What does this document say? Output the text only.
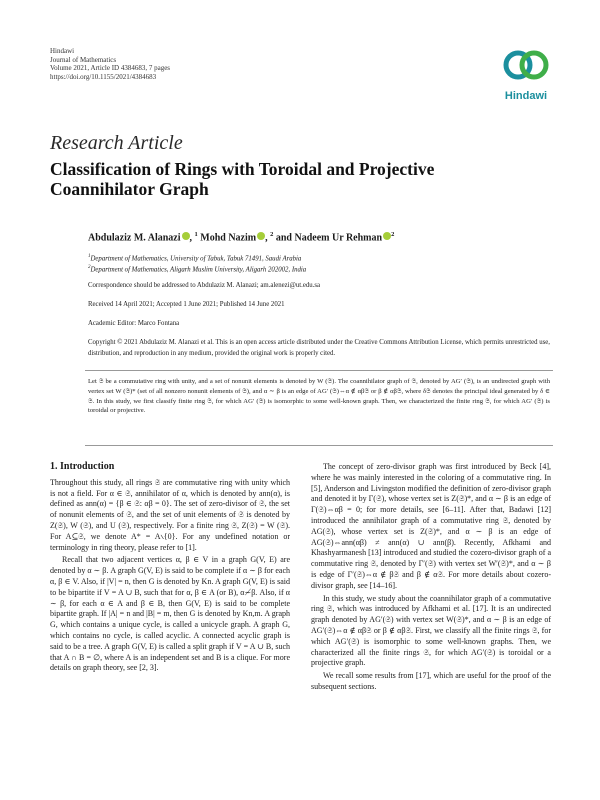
Hindawi
Journal of Mathematics
Volume 2021, Article ID 4384683, 7 pages
https://doi.org/10.1155/2021/4384683
Hindawi
Research Article
Classification of Rings with Toroidal and Projective Coannihilator Graph
Abdulaziz M. Alanazi , $^1$ Mohd Nazim , $^2$ and Nadeem Ur Rehman $^2$
$^1$Department of Mathematics, University of Tabuk, Tabuk 71491, Saudi Arabia
$^2$Department of Mathematics, Aligarh Muslim University, Aligarh 202002, India
Correspondence should be addressed to Abdulaziz M. Alanazi; am.alenezi@ut.edu.sa
Received 14 April 2021; Accepted 1 June 2021; Published 14 June 2021
Academic Editor: Marco Fontana
Copyright © 2021 Abdulaziz M. Alanazi et al. This is an open access article distributed under the Creative Commons Attribution License, which permits unrestricted use, distribution, and reproduction in any medium, provided the original work is properly cited.
Let 𝔖 be a commutative ring with unity, and a set of nonunit elements is denoted by W (𝔖). The coannihilator graph of 𝔖, denoted by AG′ (𝔖), is an undirected graph with vertex set W (𝔖)* (set of all nonzero nonunit elements of 𝔖), and α ∼ β is an edge of AG′ (𝔖)⇔α ∉ αβ𝔖 or β ∉ αβ𝔖, where δ𝔖 denotes the principal ideal generated by δ ∈ 𝔖. In this study, we first classify finite ring 𝔖, for which AG′ (𝔖) is isomorphic to some well-known graph. Then, we characterized the finite ring 𝔖, for which AG′ (𝔖) is toroidal or projective.
1. Introduction

Throughout this study, all rings 𝔖 are commutative ring with unity which is not a field. For α ∈ 𝔖, annihilator of α, which is denoted by ann(α), is defined as ann(α) = {β ∈ 𝔖: αβ = 0}. The set of zero-divisor of 𝔖, the set of nonunit elements of 𝔖, and the set of unit elements of 𝔖 is denoted by Z(𝔖), W (𝔖), and U (𝔖), respectively. For a finite ring 𝔖, Z(𝔖) = W (𝔖). For A⊆𝔖, we denote A* = A∖{0}. For any undefined notation or terminology in ring theory, please refer to [1].

Recall that two adjacent vertices α, β ∈ V in a graph G(V, E) are denoted by α ∼ β. A graph G(V, E) is said to be complete if α ∼ β for each α, β ∈ V. Also, if |V| = n, then G is denoted by Kn. A graph G(V, E) is said to be bipartite if V = A ∪ B, such that for α, β ∈ A (or B), α≁β. Also, if α ∼ β, for each α ∈ A and β ∈ B, then G(V, E) is said to be complete bipartite graph. If |A| = n and |B| = m, then G is denoted by Kn,m. A graph G, which contains a unique cycle, is called a unicycle graph. A graph G, which contains no cycle, is called acyclic. A connected acyclic graph is said to be a tree. A graph G(V, E) is called a split graph if V = A ∪ B, such that A ∩ B = ∅, where A is an independent set and B is a clique. For more details on graph theory, see [2, 3].

The concept of zero-divisor graph was first introduced by Beck [4], where he was mainly interested in the coloring of a commutative ring. In [5], Anderson and Livingston modified the definition of zero-divisor graph and denoted it by Γ(𝔖), whose vertex set is Z(𝔖)*, and α ∼ β is an edge of Γ(𝔖)⇔αβ = 0; for more details, see [6–11]. After that, Badawi [12] introduced the annihilator graph of a commutative ring 𝔖, denoted by AG(𝔖), whose vertex set is Z(𝔖)*, and α ∼ β is an edge of AG(𝔖)⇔ann(αβ) ≠ ann(α) ∪ ann(β). Recently, Afkhami and Khashyarmanesh [13] introduced and studied the cozero-divisor graph of a commutative ring 𝔖, denoted by Γ′(𝔖) with vertex set W′(𝔖)*, and α ∼ β is edge of Γ′(𝔖)⇔α ∉ β𝔖 and β ∉ α𝔖. For more details about cozero-divisor graph, see [14–16].

In this study, we study about the coannihilator graph of a commutative ring 𝔖, which was introduced by Afkhami et al. [17]. It is an undirected graph denoted by AG′(𝔖) with vertex set W(𝔖)*, and α ∼ β is an edge of AG′(𝔖)⇔α ∉ αβ𝔖 or β ∉ αβ𝔖. First, we classify all the finite rings 𝔖, for which AG′(𝔖) is isomorphic to some well-known graphs. Then, we characterized all the finite rings 𝔖, for which AG′(𝔖) is toroidal or a projective graph.

We recall some results from [17], which are useful for the proof of the subsequent sections.
